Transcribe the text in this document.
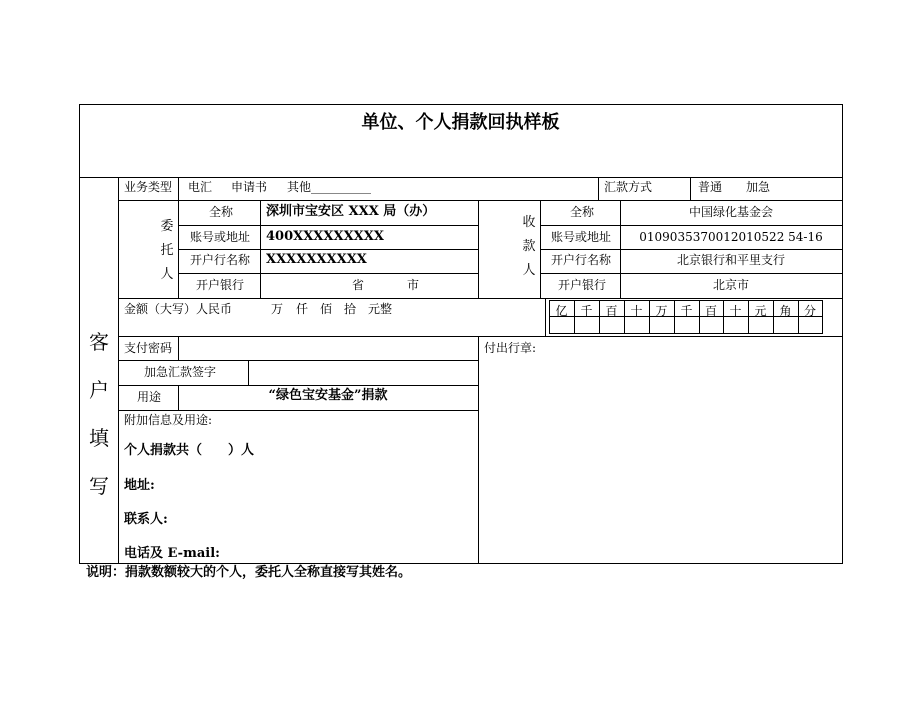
单位、个人捐款回执样板
客
户
填
写
业务类型 电汇 申请书 其他__________	汇款方式	普通 加急
委
托
人
全称	深圳市宝安区 XXX 局（办）
账号或地址 400XXXXXXXXX
开户行名称 XXXXXXXXXX
开户银行	省	市
收
款
人
全称	中国绿化基金会
账号或地址	0109035370012010522 54-16
开户行名称	北京银行和平里支行
开户银行	北京市
金额（大写）人民币	万 仟 佰 拾 元整	亿	千	百	十	万	千	百	十	元	角	分
支付密码
加急汇款签字
用途	“绿色宝安基金”捐款
付出行章:
附加信息及用途:
个人捐款共（　　）人
地址:
联系人:
电话及 E-mail:
说明：捐款数额较大的个人，委托人全称直接写其姓名。
